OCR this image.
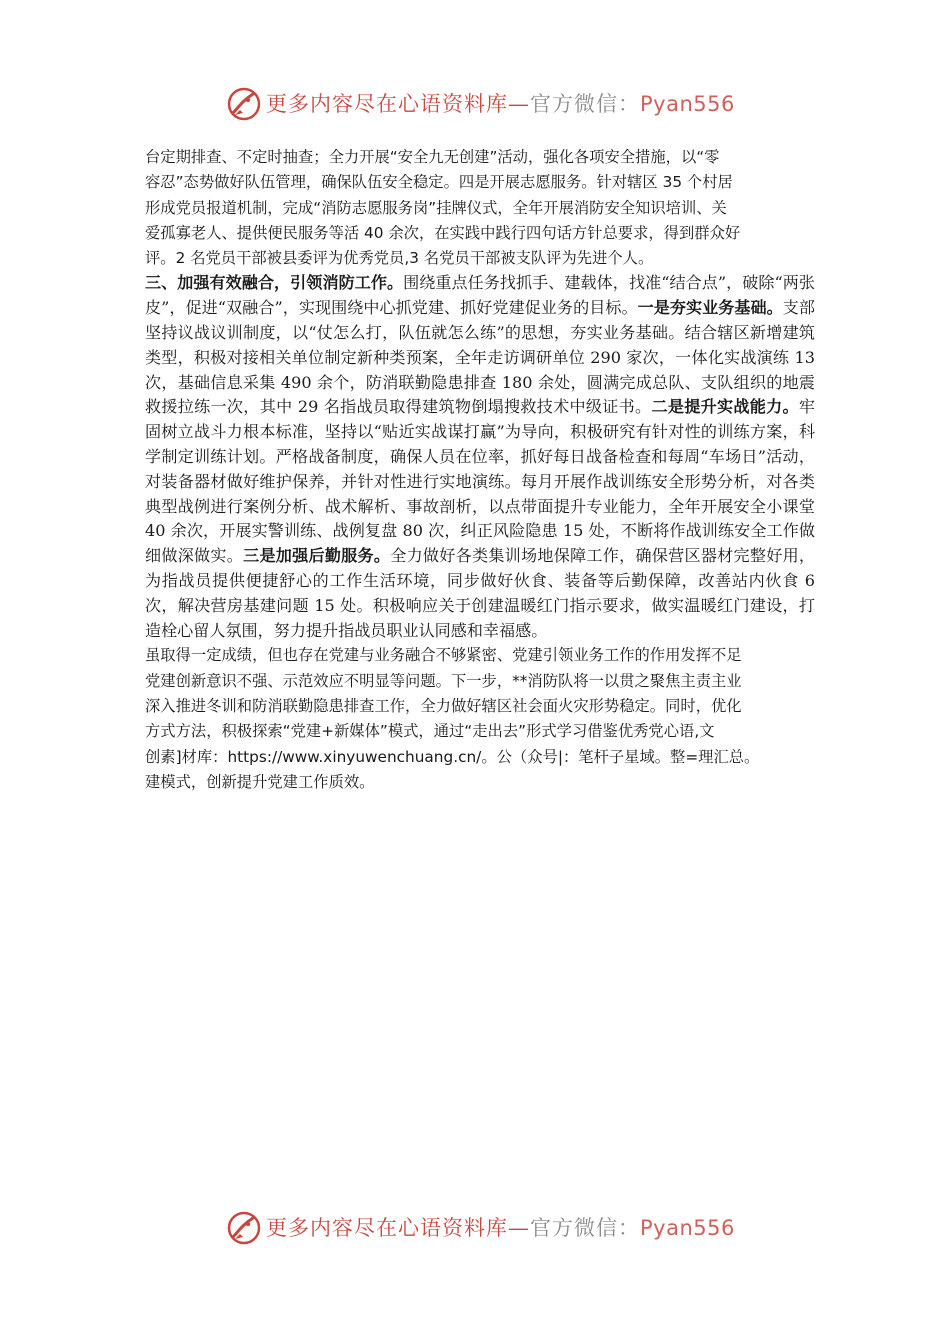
更多内容尽在心语资料库—官方微信：Pyan556
台定期排查、不定时抽查；全力开展“安全九无创建”活动，强化各项安全措施，以“零
容忍”态势做好队伍管理，确保队伍安全稳定。四是开展志愿服务。针对辖区 35 个村居
形成党员报道机制，完成“消防志愿服务岗”挂牌仪式，全年开展消防安全知识培训、关
爱孤寡老人、提供便民服务等活 40 余次，在实践中践行四句话方针总要求，得到群众好
评。2 名党员干部被县委评为优秀党员,3 名党员干部被支队评为先进个人。

三、加强有效融合，引领消防工作。围绕重点任务找抓手、建载体，找准“结合点”，破除“两张皮”，促进“双融合”，实现围绕中心抓党建、抓好党建促业务的目标。一是夯实业务基础。支部坚持议战议训制度，以“仗怎么打，队伍就怎么练”的思想，夯实业务基础。结合辖区新增建筑类型，积极对接相关单位制定新种类预案，全年走访调研单位 290 家次，一体化实战演练 13 次，基础信息采集 490 余个，防消联勤隐患排查 180 余处，圆满完成总队、支队组织的地震救援拉练一次，其中 29 名指战员取得建筑物倒塌搜救技术中级证书。二是提升实战能力。牢固树立战斗力根本标准，坚持以“贴近实战谋打赢”为导向，积极研究有针对性的训练方案，科学制定训练计划。严格战备制度，确保人员在位率，抓好每日战备检查和每周“车场日”活动，对装备器材做好维护保养，并针对性进行实地演练。每月开展作战训练安全形势分析，对各类典型战例进行案例分析、战术解析、事故剖析，以点带面提升专业能力，全年开展安全小课堂 40 余次，开展实警训练、战例复盘 80 次，纠正风险隐患 15 处，不断将作战训练安全工作做细做深做实。三是加强后勤服务。全力做好各类集训场地保障工作，确保营区器材完整好用，为指战员提供便捷舒心的工作生活环境，同步做好伙食、装备等后勤保障，改善站内伙食 6 次，解决营房基建问题 15 处。积极响应关于创建温暖红门指示要求，做实温暖红门建设，打造栓心留人氛围，努力提升指战员职业认同感和幸福感。

虽取得一定成绩，但也存在党建与业务融合不够紧密、党建引领业务工作的作用发挥不足
党建创新意识不强、示范效应不明显等问题。下一步，**消防队将一以贯之聚焦主责主业
深入推进冬训和防消联勤隐患排查工作，全力做好辖区社会面火灾形势稳定。同时，优化
方式方法，积极探索“党建+新媒体”模式，通过“走出去”形式学习借鉴优秀党心语,文
创素]材库：https://www.xinyuwenchuang.cn/。公（众号|：笔杆子星域。整=理汇总。
建模式，创新提升党建工作质效。
更多内容尽在心语资料库—官方微信：Pyan556
